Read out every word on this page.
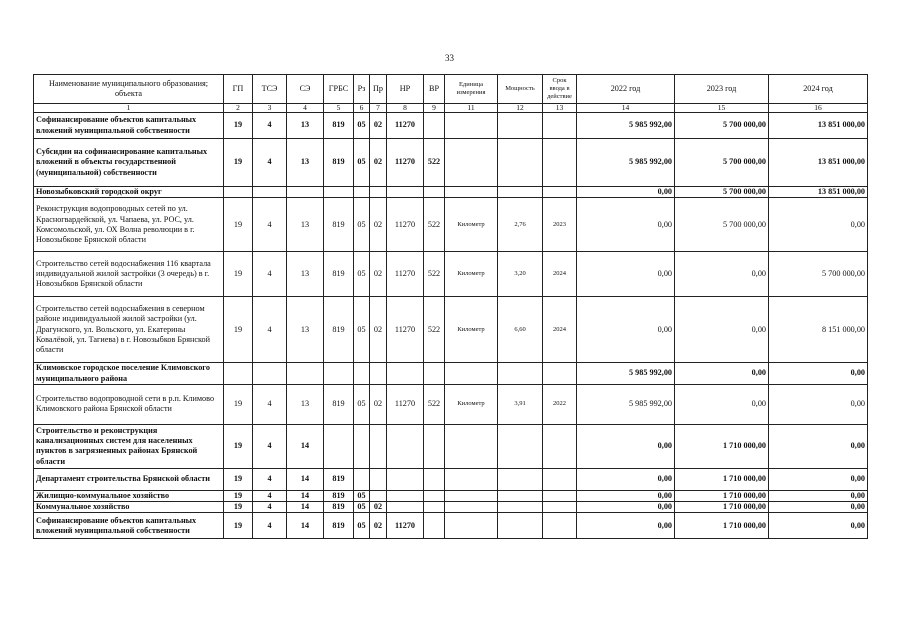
33
Наименование муниципального образования; объекта	ГП	ТСЭ	СЭ	ГРБС	Рз	Пр	НР	ВР	Единица измерения	Мощность	Срок ввода в действие	2022 год	2023 год	2024 год
1	2	3	4	5	6	7	8	9	11	12	13	14	15	16
Софинансирование объектов капитальных вложений муниципальной собственности	19	4	13	819	05	02	11270					5 985 992,00	5 700 000,00	13 851 000,00
Субсидии на софинансирование капитальных вложений в объекты государственной (муниципальной) собственности	19	4	13	819	05	02	11270	522				5 985 992,00	5 700 000,00	13 851 000,00
Новозыбковский городской округ												0,00	5 700 000,00	13 851 000,00
Реконструкция водопроводных сетей по ул. Красногвардейской, ул. Чапаева, ул. РОС, ул. Комсомольской, ул. ОХ Волна революции в г. Новозыбкове Брянской области	19	4	13	819	05	02	11270	522	Километр	2,76	2023	0,00	5 700 000,00	0,00
Строительство сетей водоснабжения 116 квартала индивидуальной жилой застройки (3 очередь) в г. Новозыбков Брянской области	19	4	13	819	05	02	11270	522	Километр	3,20	2024	0,00	0,00	5 700 000,00
Строительство сетей водоснабжения в северном районе индивидуальной жилой застройки (ул. Драгунского, ул. Вольского, ул. Екатерины Ковалёвой, ул. Тагиева) в г. Новозыбков Брянской области	19	4	13	819	05	02	11270	522	Километр	6,60	2024	0,00	0,00	8 151 000,00
Климовское городское поселение Климовского муниципального района												5 985 992,00	0,00	0,00
Строительство водопроводной сети в р.п. Климово Климовского района Брянской области	19	4	13	819	05	02	11270	522	Километр	3,91	2022	5 985 992,00	0,00	0,00
Строительство и реконструкция канализационных систем для населенных пунктов в загрязненных районах Брянской области	19	4	14									0,00	1 710 000,00	0,00
Департамент строительства Брянской области	19	4	14	819								0,00	1 710 000,00	0,00
Жилищно-коммунальное хозяйство	19	4	14	819	05							0,00	1 710 000,00	0,00
Коммунальное хозяйство	19	4	14	819	05	02						0,00	1 710 000,00	0,00
Софинансирование объектов капитальных вложений муниципальной собственности	19	4	14	819	05	02	11270					0,00	1 710 000,00	0,00
